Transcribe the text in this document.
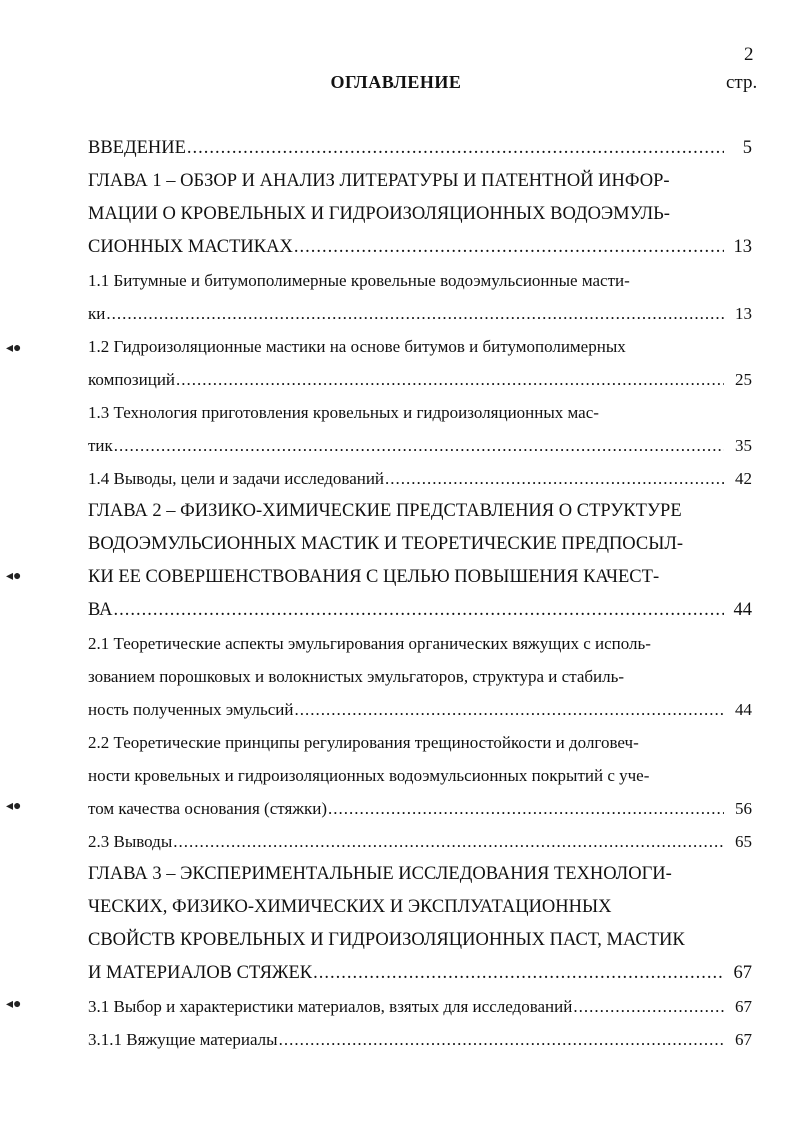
2
ОГЛАВЛЕНИЕ	стр.
◂●
◂●
◂●
◂●
ВВЕДЕНИЕ .....	5
ГЛАВА 1 – ОБЗОР И АНАЛИЗ ЛИТЕРАТУРЫ И ПАТЕНТНОЙ ИНФОР-
МАЦИИ О КРОВЕЛЬНЫХ И ГИДРОИЗОЛЯЦИОННЫХ ВОДОЭМУЛЬ-
СИОННЫХ МАСТИКАХ .....	13
1.1 Битумные и битумополимерные кровельные водоэмульсионные масти-
ки .....	13
1.2 Гидроизоляционные мастики на основе битумов и битумополимерных
композиций .....	25
1.3 Технология приготовления кровельных и гидроизоляционных мас-
тик .....	35
1.4 Выводы, цели и задачи исследований .....	42
ГЛАВА 2 – ФИЗИКО-ХИМИЧЕСКИЕ ПРЕДСТАВЛЕНИЯ О СТРУКТУРЕ
ВОДОЭМУЛЬСИОННЫХ МАСТИК И ТЕОРЕТИЧЕСКИЕ ПРЕДПОСЫЛ-
КИ ЕЕ СОВЕРШЕНСТВОВАНИЯ С ЦЕЛЬЮ ПОВЫШЕНИЯ КАЧЕСТ-
ВА .....	44
2.1 Теоретические аспекты эмульгирования органических вяжущих с исполь-
зованием порошковых и волокнистых эмульгаторов, структура и стабиль-
ность полученных эмульсий .....	44
2.2 Теоретические принципы регулирования трещиностойкости и долговеч-
ности кровельных и гидроизоляционных водоэмульсионных покрытий с уче-
том качества основания (стяжки) .....	56
2.3 Выводы .....	65
ГЛАВА 3 – ЭКСПЕРИМЕНТАЛЬНЫЕ ИССЛЕДОВАНИЯ ТЕХНОЛОГИ-
ЧЕСКИХ, ФИЗИКО-ХИМИЧЕСКИХ И ЭКСПЛУАТАЦИОННЫХ
СВОЙСТВ КРОВЕЛЬНЫХ И ГИДРОИЗОЛЯЦИОННЫХ ПАСТ, МАСТИК
И МАТЕРИАЛОВ СТЯЖЕК .....	67
3.1 Выбор и характеристики материалов, взятых для исследований .....	67
3.1.1 Вяжущие материалы .....	67
